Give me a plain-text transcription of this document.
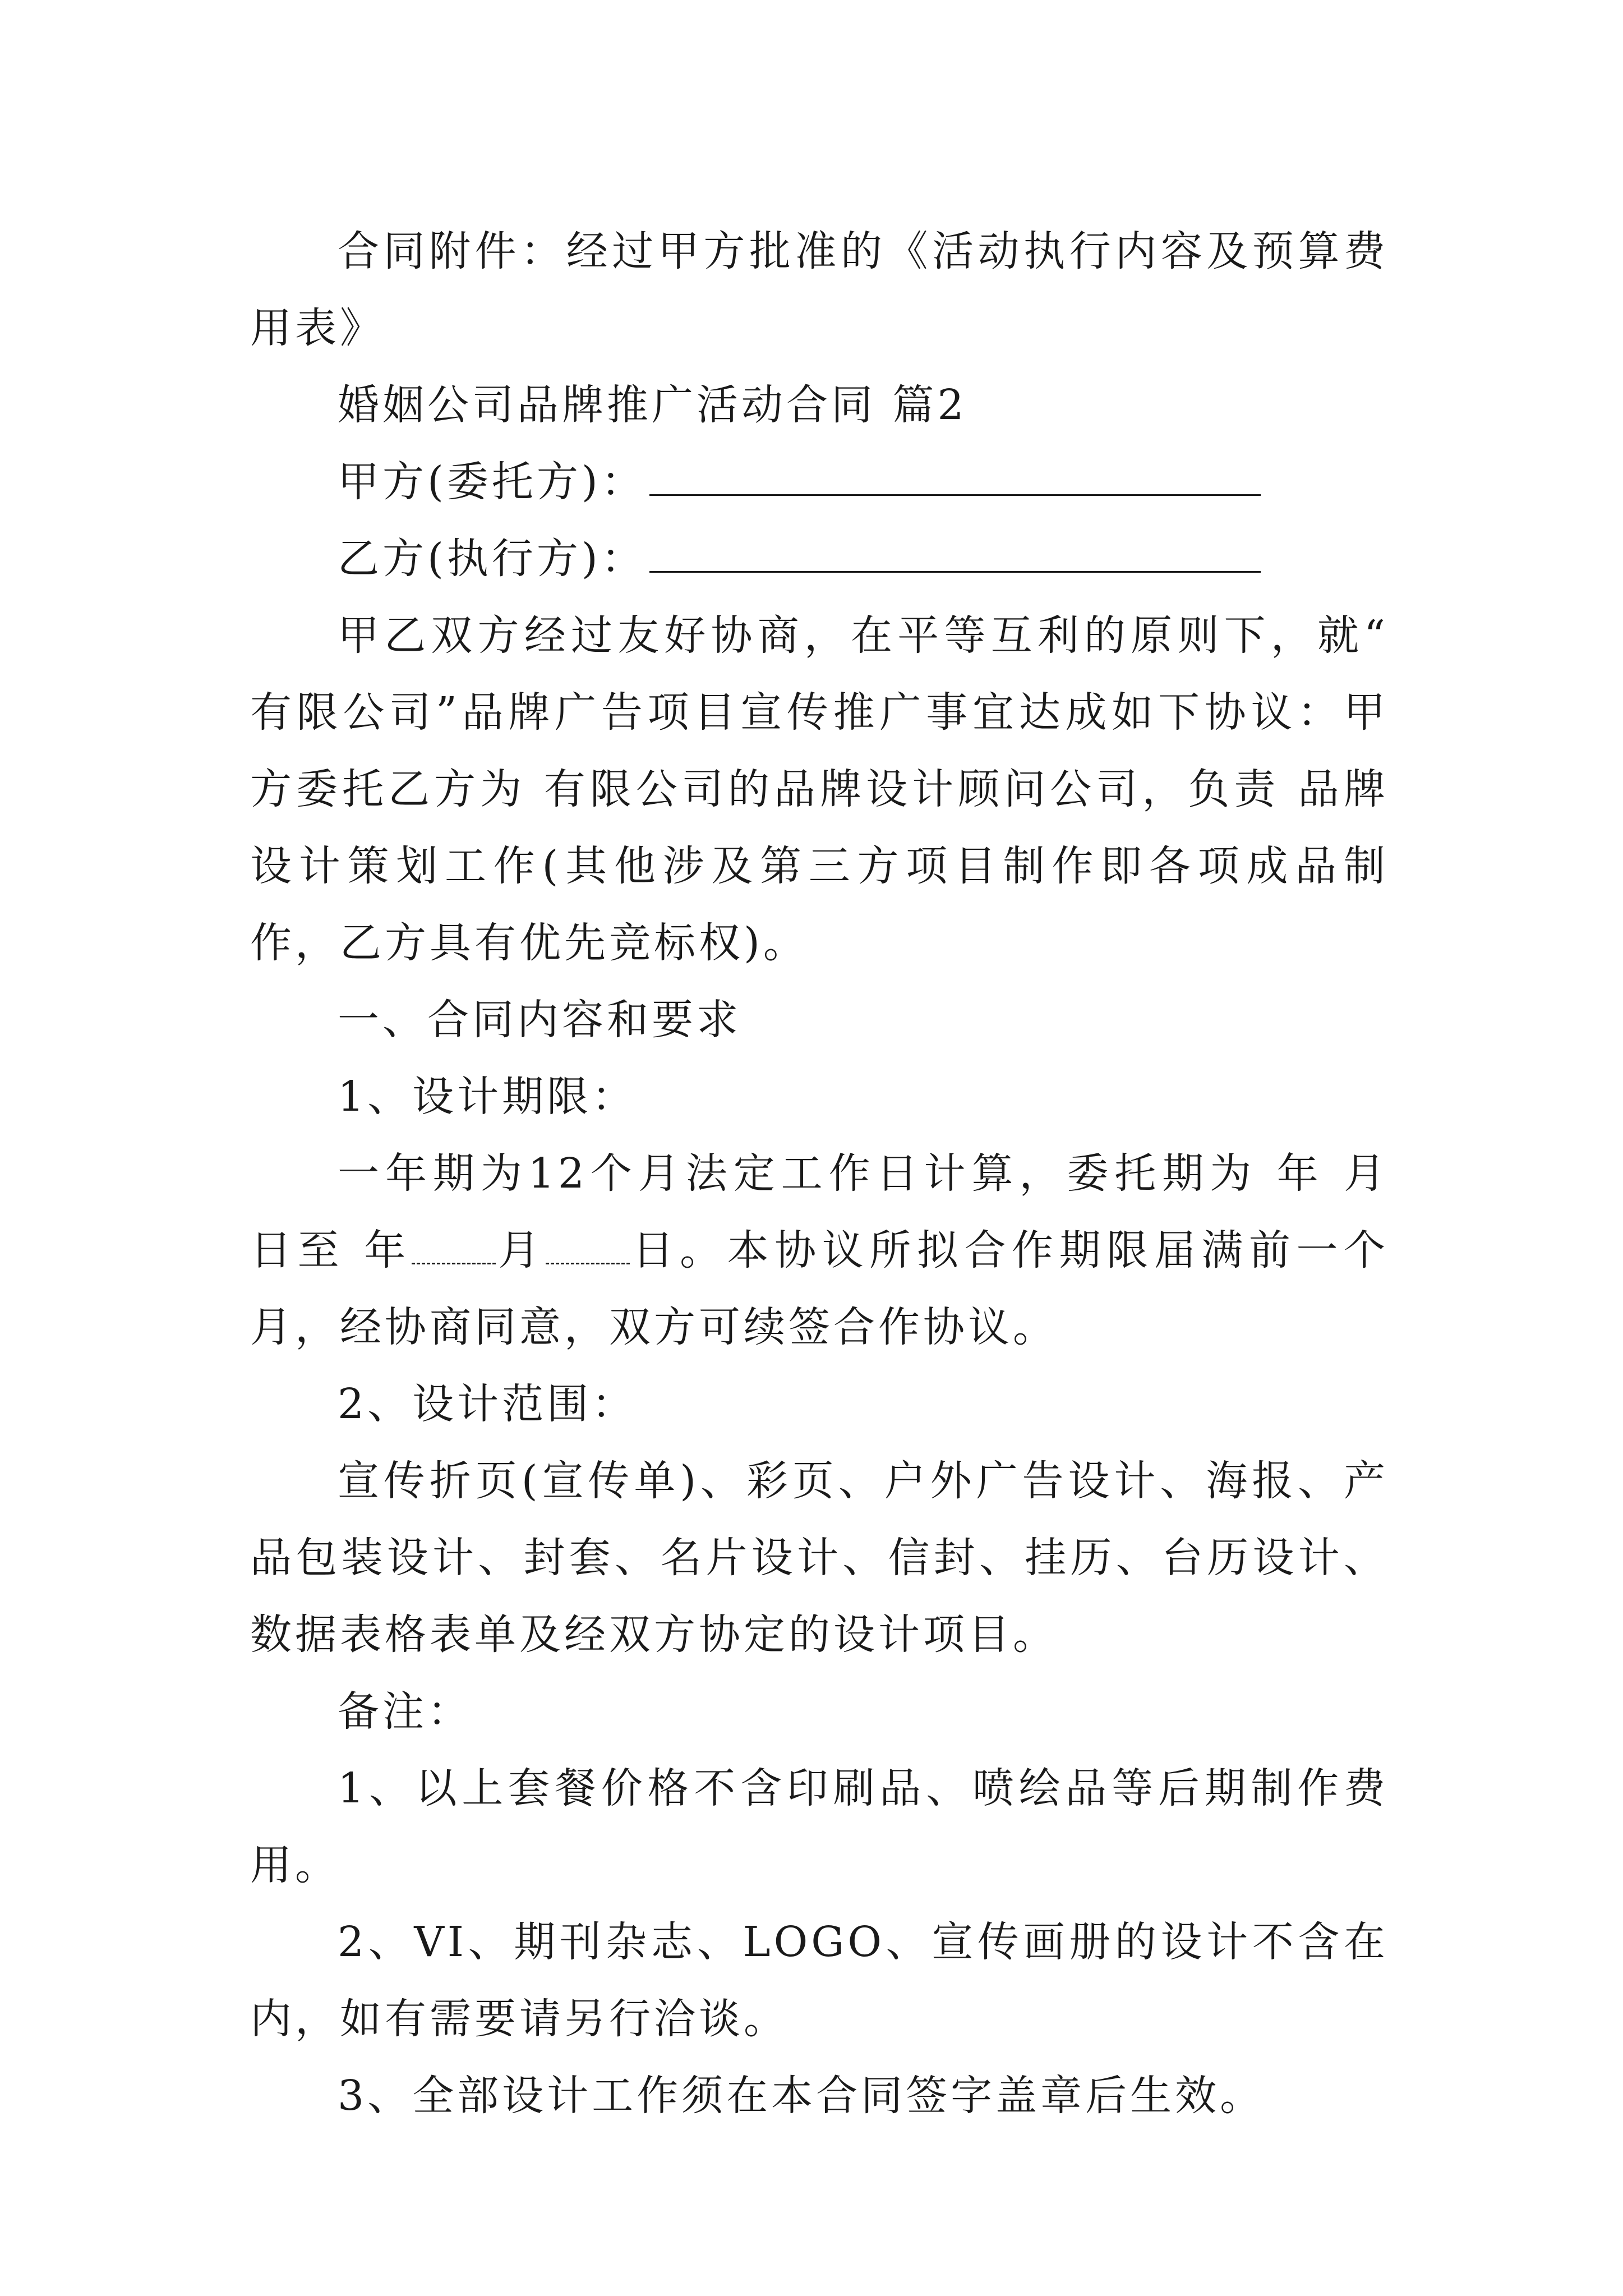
合同附件：经过甲方批准的《活动执行内容及预算费用表》

婚姻公司品牌推广活动合同 篇2

甲方(委托方)：

乙方(执行方)：

甲乙双方经过友好协商，在平等互利的原则下，就“ 有限公司”品牌广告项目宣传推广事宜达成如下协议：甲方委托乙方为 有限公司的品牌设计顾问公司，负责 品牌设计策划工作(其他涉及第三方项目制作即各项成品制作，乙方具有优先竞标权)。

一、合同内容和要求

1、设计期限：

一年期为12个月法定工作日计算，委托期为 年 月 日至 年 月 日。本协议所拟合作期限届满前一个月，经协商同意，双方可续签合作协议。

2、设计范围：

宣传折页(宣传单)、彩页、户外广告设计、海报、产品包装设计、封套、名片设计、信封、挂历、台历设计、数据表格表单及经双方协定的设计项目。

备注：

1、以上套餐价格不含印刷品、喷绘品等后期制作费用。

2、VI、期刊杂志、LOGO、宣传画册的设计不含在内，如有需要请另行洽谈。

3、全部设计工作须在本合同签字盖章后生效。
